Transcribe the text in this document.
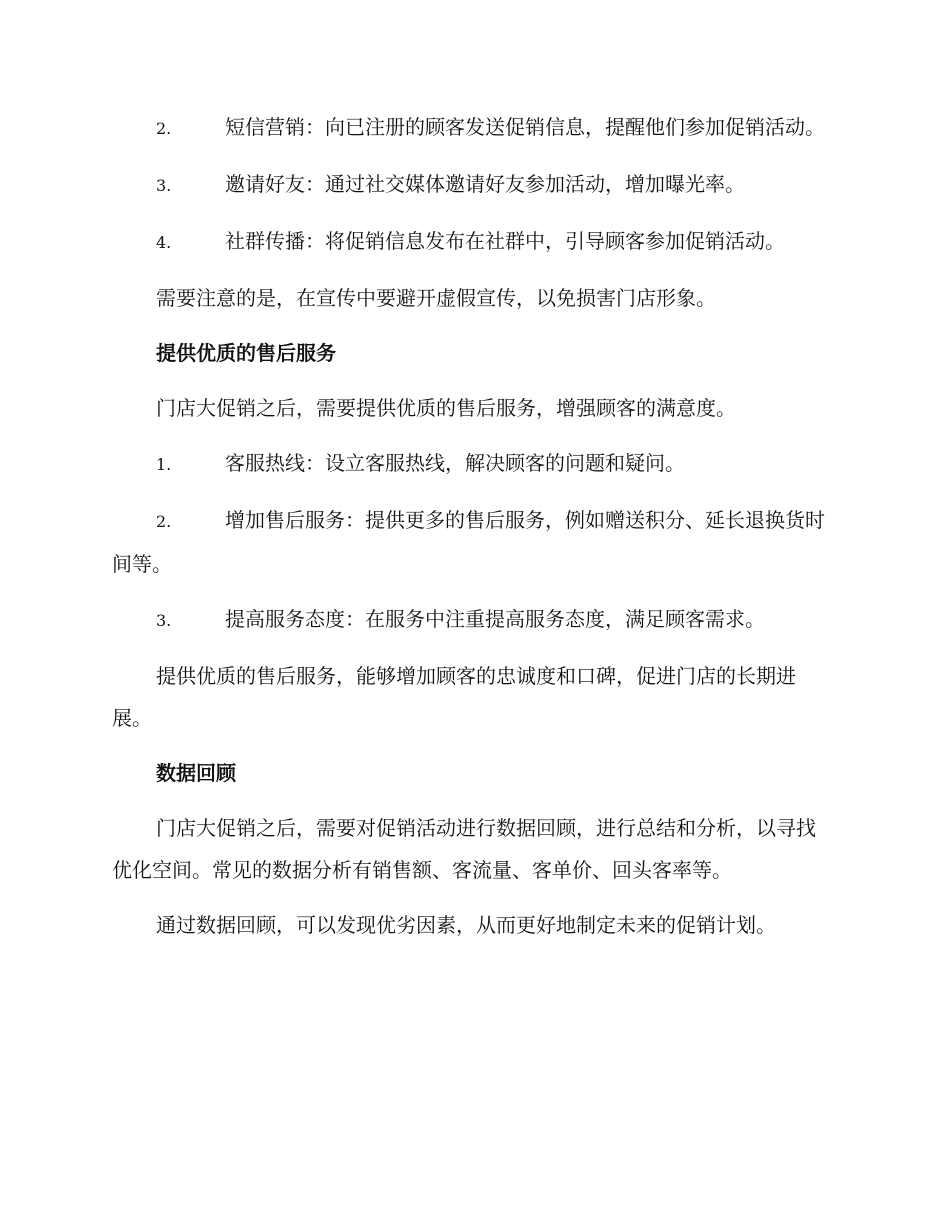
2.	短信营销：向已注册的顾客发送促销信息，提醒他们参加促销活动。
3.	邀请好友：通过社交媒体邀请好友参加活动，增加曝光率。
4.	社群传播：将促销信息发布在社群中，引导顾客参加促销活动。

需要注意的是，在宣传中要避开虚假宣传，以免损害门店形象。

提供优质的售后服务

门店大促销之后，需要提供优质的售后服务，增强顾客的满意度。

1.	客服热线：设立客服热线，解决顾客的问题和疑问。
2.	增加售后服务：提供更多的售后服务，例如赠送积分、延长退换货时间等。
3.	提高服务态度：在服务中注重提高服务态度，满足顾客需求。

提供优质的售后服务，能够增加顾客的忠诚度和口碑，促进门店的长期进展。

数据回顾

门店大促销之后，需要对促销活动进行数据回顾，进行总结和分析，以寻找优化空间。常见的数据分析有销售额、客流量、客单价、回头客率等。

通过数据回顾，可以发现优劣因素，从而更好地制定未来的促销计划。
